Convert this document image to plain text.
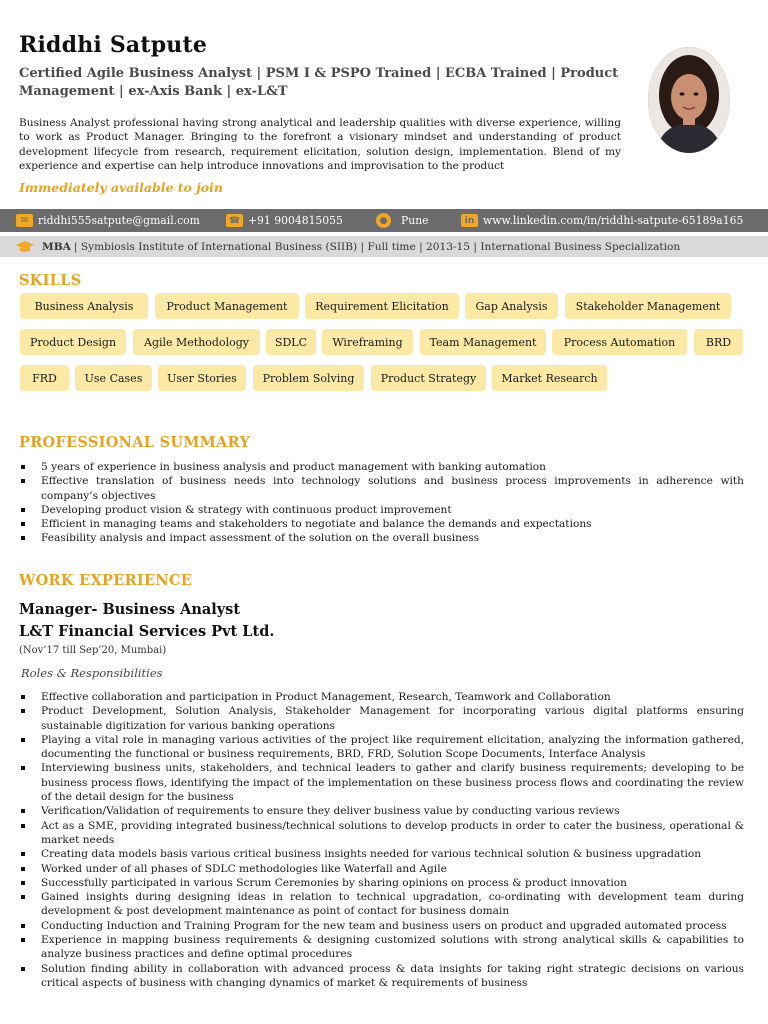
Riddhi Satpute
Certified Agile Business Analyst | PSM I & PSPO Trained | ECBA Trained | Product Management | ex-Axis Bank | ex-L&T
Business Analyst professional having strong analytical and leadership qualities with diverse experience, willing to work as Product Manager. Bringing to the forefront a visionary mindset and understanding of product development lifecycle from research, requirement elicitation, solution design, implementation. Blend of my experience and expertise can help introduce innovations and improvisation to the product
Immediately available to join
✉ riddhi555satpute@gmail.com	☎ +91 9004815055	●	Pune	in www.linkedin.com/in/riddhi-satpute-65189a165
MBA | Symbiosis Institute of International Business (SIIB) | Full time | 2013-15 | International Business Specialization
SKILLS
Business Analysis	Product Management	Requirement Elicitation	Gap Analysis	Stakeholder Management
Product Design	Agile Methodology	SDLC	Wireframing	Team Management	Process Automation	BRD
FRD	Use Cases	User Stories	Problem Solving	Product Strategy	Market Research
PROFESSIONAL SUMMARY
5 years of experience in business analysis and product management with banking automation
Effective translation of business needs into technology solutions and business process improvements in adherence with company’s objectives
Developing product vision & strategy with continuous product improvement
Efficient in managing teams and stakeholders to negotiate and balance the demands and expectations
Feasibility analysis and impact assessment of the solution on the overall business
WORK EXPERIENCE
Manager- Business Analyst
L&T Financial Services Pvt Ltd.
(Nov’17 till Sep’20, Mumbai)
Roles & Responsibilities
Effective collaboration and participation in Product Management, Research, Teamwork and Collaboration
Product Development, Solution Analysis, Stakeholder Management for incorporating various digital platforms ensuring sustainable digitization for various banking operations
Playing a vital role in managing various activities of the project like requirement elicitation, analyzing the information gathered, documenting the functional or business requirements, BRD, FRD, Solution Scope Documents, Interface Analysis
Interviewing business units, stakeholders, and technical leaders to gather and clarify business requirements; developing to be business process flows, identifying the impact of the implementation on these business process flows and coordinating the review of the detail design for the business
Verification/Validation of requirements to ensure they deliver business value by conducting various reviews
Act as a SME, providing integrated business/technical solutions to develop products in order to cater the business, operational & market needs
Creating data models basis various critical business insights needed for various technical solution & business upgradation
Worked under of all phases of SDLC methodologies like Waterfall and Agile
Successfully participated in various Scrum Ceremonies by sharing opinions on process & product innovation
Gained insights during designing ideas in relation to technical upgradation, co-ordinating with development team during development & post development maintenance as point of contact for business domain
Conducting Induction and Training Program for the new team and business users on product and upgraded automated process
Experience in mapping business requirements & designing customized solutions with strong analytical skills & capabilities to analyze business practices and define optimal procedures
Solution finding ability in collaboration with advanced process & data insights for taking right strategic decisions on various critical aspects of business with changing dynamics of market & requirements of business
